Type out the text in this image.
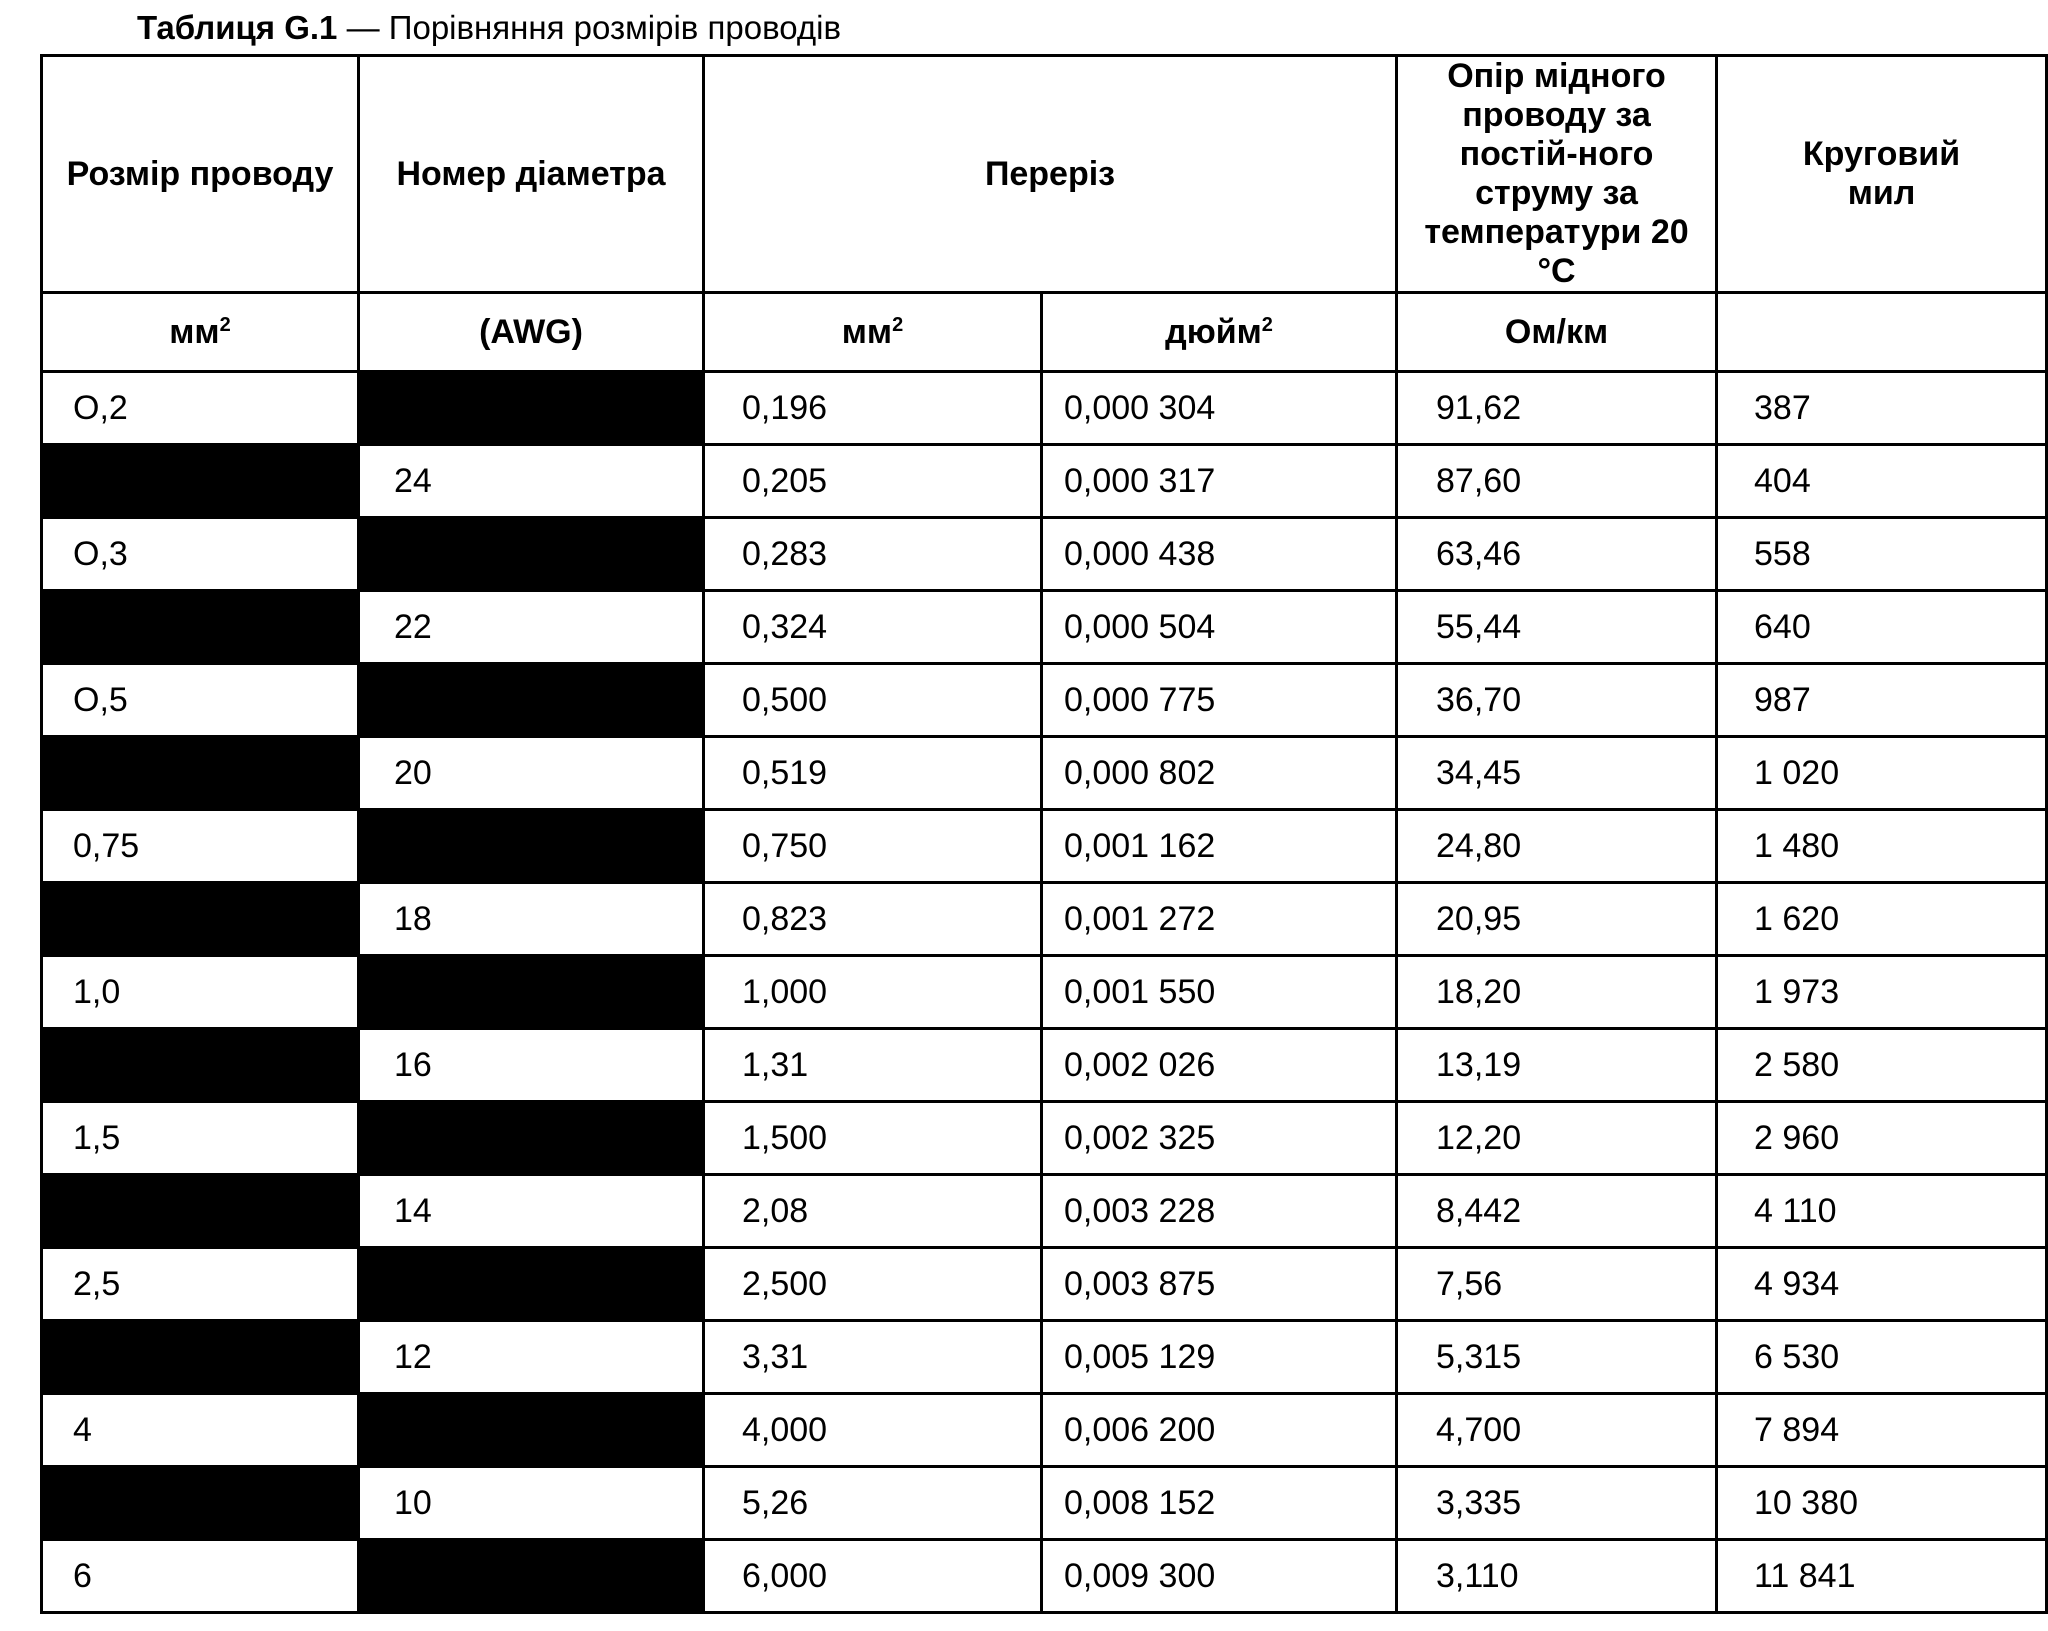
Таблиця G.1 — Порівняння розмірів проводів
Розмір проводу	Номер діаметра	Переріз		Опір мідного проводу за постій-ного струму за температури 20 °C	Круговий мил
$мм^2$	(AWG)	$мм^2$	дюйм$^2$	Ом/км	
O,2		0,196	0,000 304	91,62	387
	24	0,205	0,000 317	87,60	404
O,3		0,283	0,000 438	63,46	558
	22	0,324	0,000 504	55,44	640
O,5		0,500	0,000 775	36,70	987
	20	0,519	0,000 802	34,45	1 020
0,75		0,750	0,001 162	24,80	1 480
	18	0,823	0,001 272	20,95	1 620
1,0		1,000	0,001 550	18,20	1 973
	16	1,31	0,002 026	13,19	2 580
1,5		1,500	0,002 325	12,20	2 960
	14	2,08	0,003 228	8,442	4 110
2,5		2,500	0,003 875	7,56	4 934
	12	3,31	0,005 129	5,315	6 530
4		4,000	0,006 200	4,700	7 894
	10	5,26	0,008 152	3,335	10 380
6		6,000	0,009 300	3,110	11 841
